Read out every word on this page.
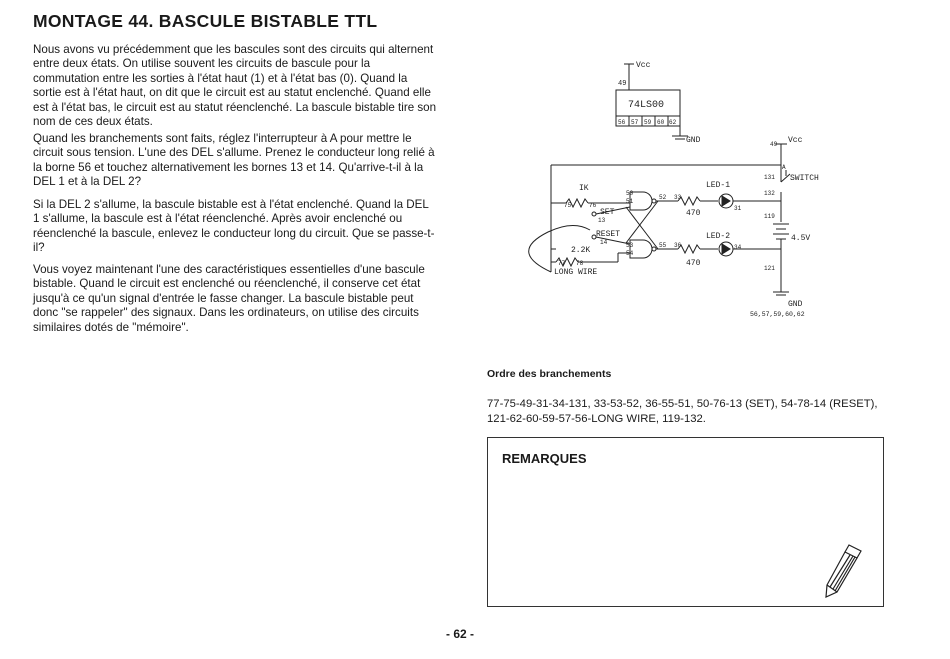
MONTAGE 44. BASCULE BISTABLE TTL

Nous avons vu précédemment que les bascules sont des circuits qui alternent entre deux états. On utilise souvent les circuits de bascule pour la commutation entre les sorties à l'état haut (1) et à l'état bas (0). Quand la sortie est à l'état haut, on dit que le circuit est au statut enclenché. Quand elle est à l'état bas, le circuit est au statut réenclenché. La bascule bistable tire son nom de ces deux états.

Quand les branchements sont faits, réglez l'interrupteur à A pour mettre le circuit sous tension. L'une des DEL s'allume. Prenez le conducteur long relié à la borne 56 et touchez alternativement les bornes 13 et 14. Qu'arrive-t-il à la DEL 1 et à la DEL 2?

Si la DEL 2 s'allume, la bascule bistable est à l'état enclenché. Quand la DEL 1 s'allume, la bascule est à l'état réenclenché. Après avoir enclenché ou réenclenché la bascule, enlevez le conducteur long du circuit. Que se passe-t-il?

Vous voyez maintenant l'une des caractéristiques essentielles d'une bascule bistable. Quand le circuit est enclenché ou réenclenché, il conserve cet état jusqu'à ce qu'un signal d'entrée le fasse changer. La bascule bistable peut donc "se rappeler" des signaux. Dans les ordinateurs, on utilise des circuits similaires dotés de "mémoire".

Vcc
49
74LS00
56 57 59 60 62
GND
IK
75	76
50
51
52 33
LED-1
470
31
SET
13
RESET
14
2.2K
53
54
55 36
LED-2
470
34
77 78
LONG WIRE
Vcc
49
A
131 SWITCH
132
119
4.5V
121
GND
56,57,59,60,62
Ordre des branchements
77-75-49-31-34-131, 33-53-52, 36-55-51, 50-76-13 (SET), 54-78-14 (RESET), 121-62-60-59-57-56-LONG WIRE, 119-132.
REMARQUES
- 62 -
